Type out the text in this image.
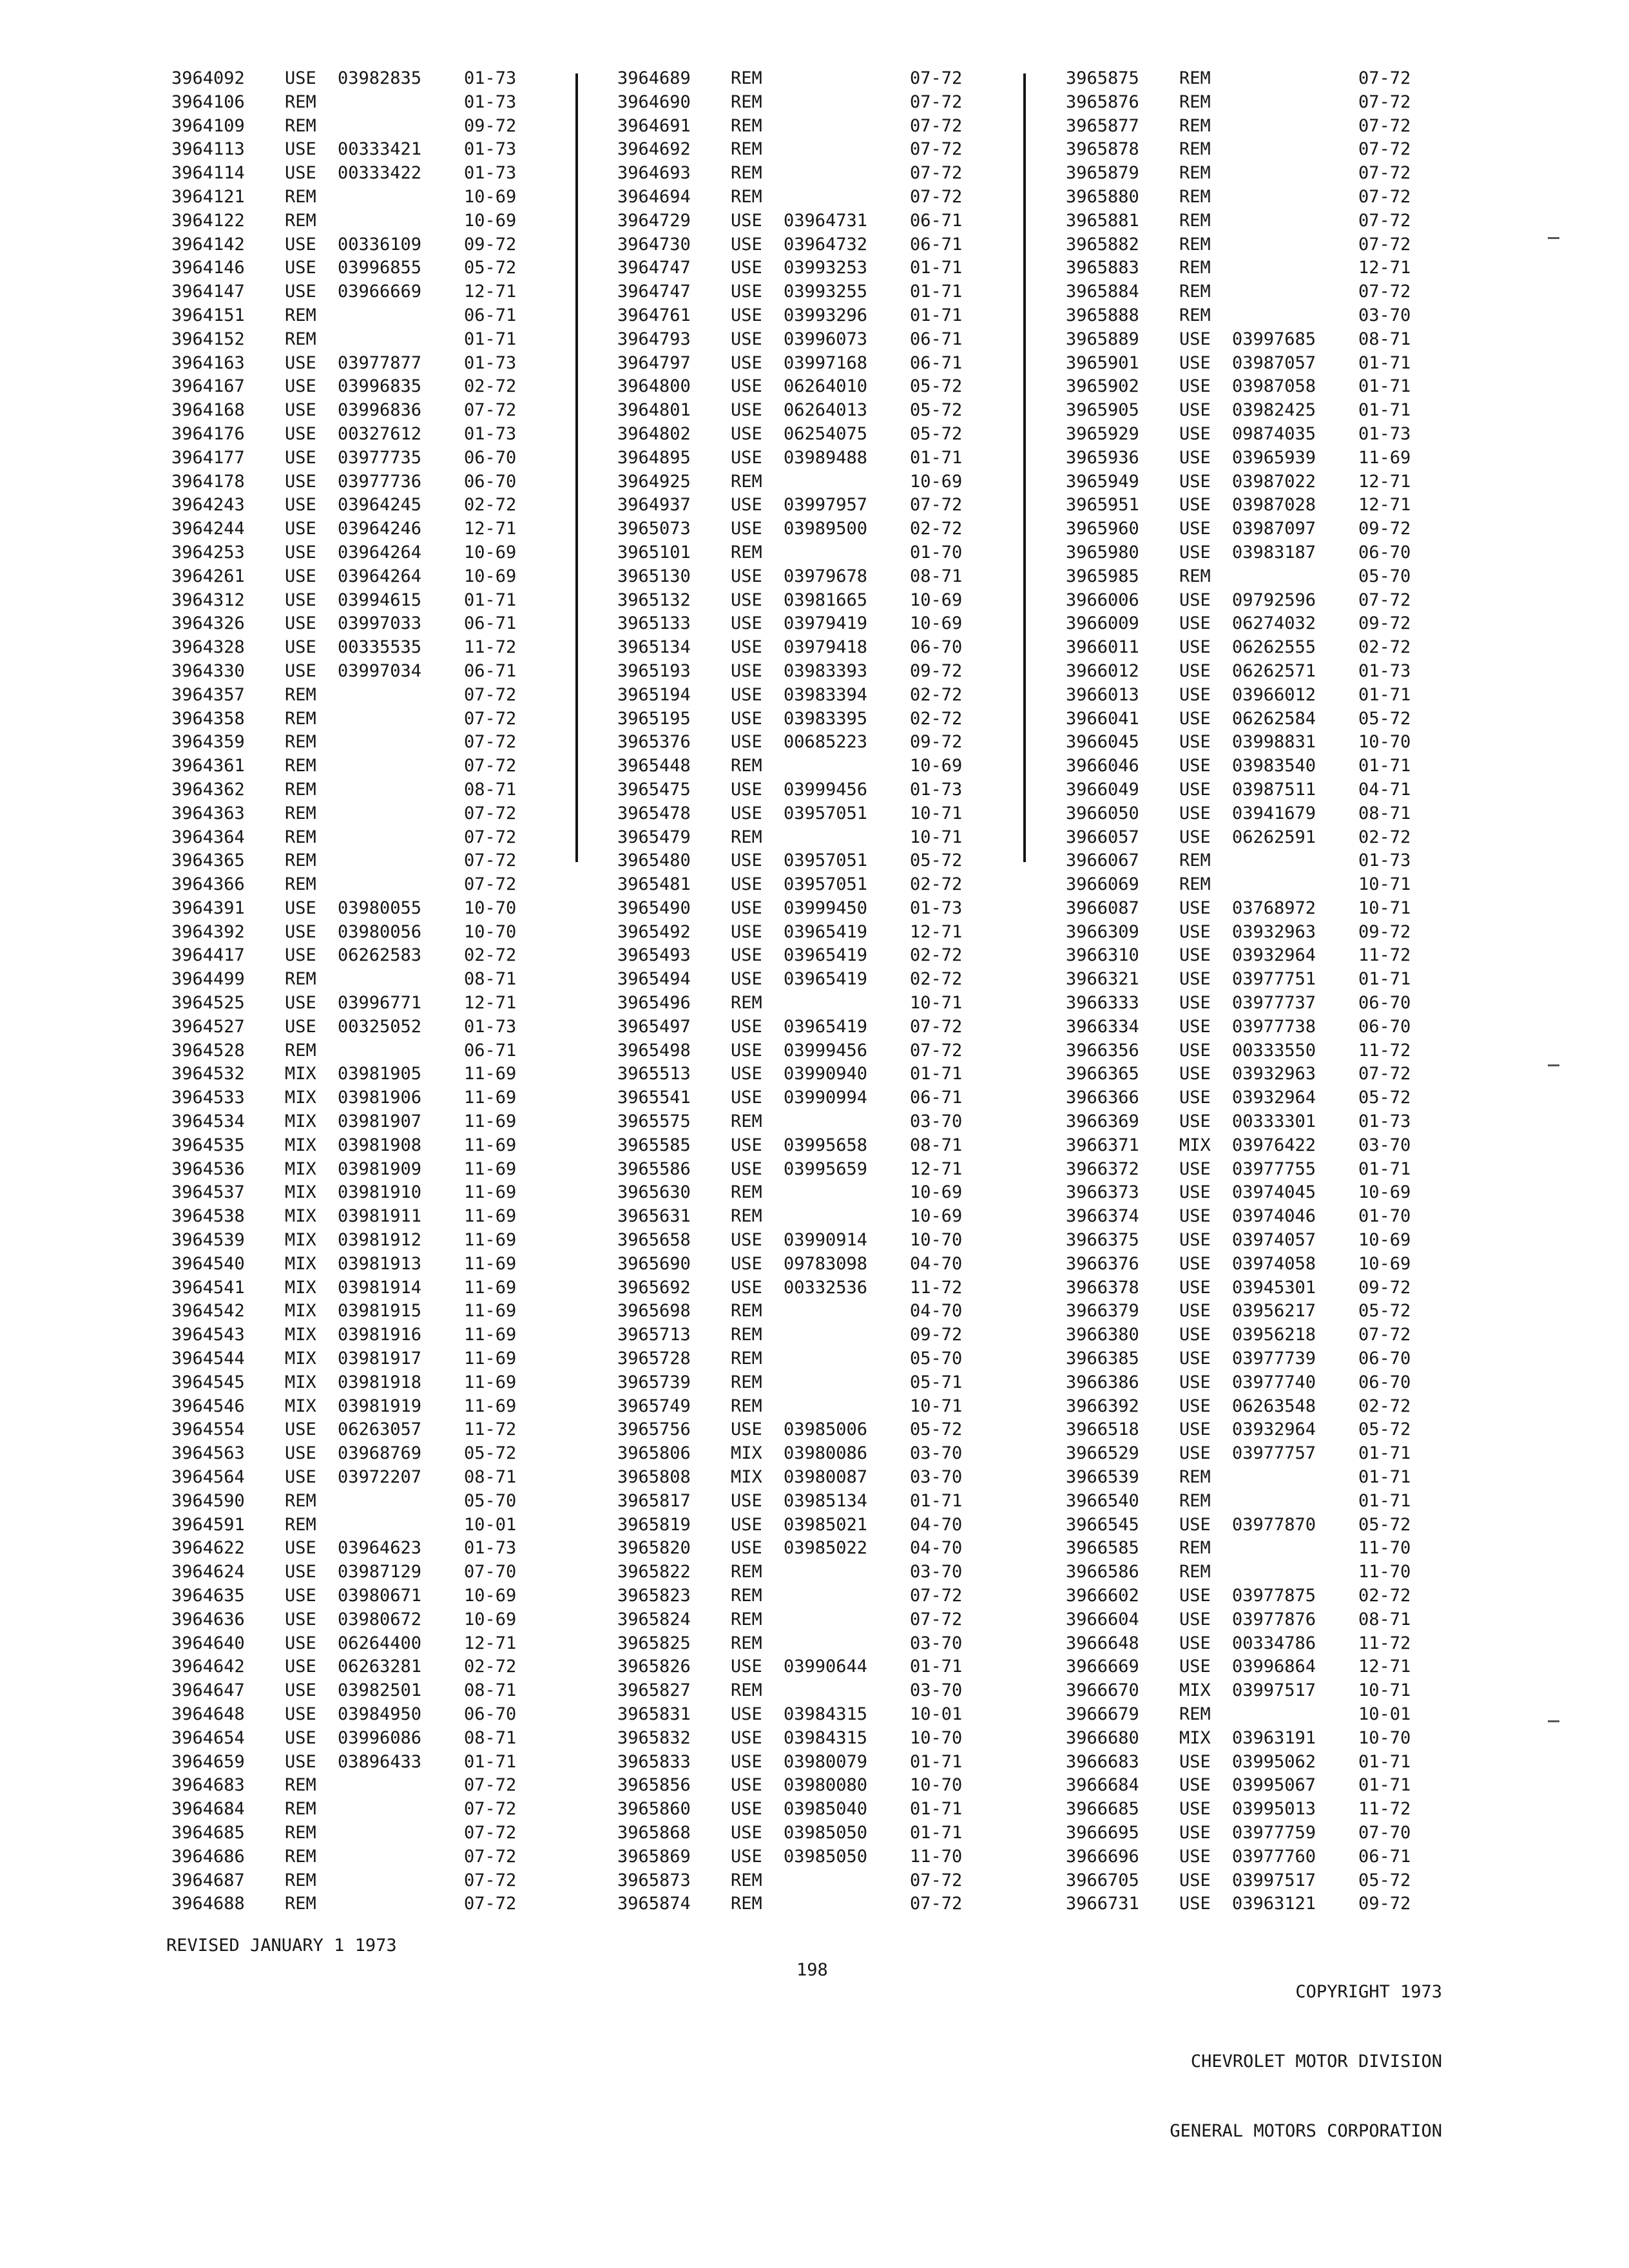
3964092 USE 03982835 01-73
3964106 REM	01-73
3964109 REM	09-72
3964113 USE 00333421 01-73
3964114 USE 00333422 01-73
3964121 REM	10-69
3964122 REM	10-69
3964142 USE 00336109 09-72
3964146 USE 03996855 05-72
3964147 USE 03966669 12-71
3964151 REM	06-71
3964152 REM	01-71
3964163 USE 03977877 01-73
3964167 USE 03996835 02-72
3964168 USE 03996836 07-72
3964176 USE 00327612 01-73
3964177 USE 03977735 06-70
3964178 USE 03977736 06-70
3964243 USE 03964245 02-72
3964244 USE 03964246 12-71
3964253 USE 03964264 10-69
3964261 USE 03964264 10-69
3964312 USE 03994615 01-71
3964326 USE 03997033 06-71
3964328 USE 00335535 11-72
3964330 USE 03997034 06-71
3964357 REM	07-72
3964358 REM	07-72
3964359 REM	07-72
3964361 REM	07-72
3964362 REM	08-71
3964363 REM	07-72
3964364 REM	07-72
3964365 REM	07-72
3964366 REM	07-72
3964391 USE 03980055 10-70
3964392 USE 03980056 10-70
3964417 USE 06262583 02-72
3964499 REM	08-71
3964525 USE 03996771 12-71
3964527 USE 00325052 01-73
3964528 REM	06-71
3964532 MIX 03981905 11-69
3964533 MIX 03981906 11-69
3964534 MIX 03981907 11-69
3964535 MIX 03981908 11-69
3964536 MIX 03981909 11-69
3964537 MIX 03981910 11-69
3964538 MIX 03981911 11-69
3964539 MIX 03981912 11-69
3964540 MIX 03981913 11-69
3964541 MIX 03981914 11-69
3964542 MIX 03981915 11-69
3964543 MIX 03981916 11-69
3964544 MIX 03981917 11-69
3964545 MIX 03981918 11-69
3964546 MIX 03981919 11-69
3964554 USE 06263057 11-72
3964563 USE 03968769 05-72
3964564 USE 03972207 08-71
3964590 REM	05-70
3964591 REM	10-01
3964622 USE 03964623 01-73
3964624 USE 03987129 07-70
3964635 USE 03980671 10-69
3964636 USE 03980672 10-69
3964640 USE 06264400 12-71
3964642 USE 06263281 02-72
3964647 USE 03982501 08-71
3964648 USE 03984950 06-70
3964654 USE 03996086 08-71
3964659 USE 03896433 01-71
3964683 REM	07-72
3964684 REM	07-72
3964685 REM	07-72
3964686 REM	07-72
3964687 REM	07-72
3964688 REM	07-72
3964689 REM	07-72
3964690 REM	07-72
3964691 REM	07-72
3964692 REM	07-72
3964693 REM	07-72
3964694 REM	07-72
3964729 USE 03964731 06-71
3964730 USE 03964732 06-71
3964747 USE 03993253 01-71
3964747 USE 03993255 01-71
3964761 USE 03993296 01-71
3964793 USE 03996073 06-71
3964797 USE 03997168 06-71
3964800 USE 06264010 05-72
3964801 USE 06264013 05-72
3964802 USE 06254075 05-72
3964895 USE 03989488 01-71
3964925 REM	10-69
3964937 USE 03997957 07-72
3965073 USE 03989500 02-72
3965101 REM	01-70
3965130 USE 03979678 08-71
3965132 USE 03981665 10-69
3965133 USE 03979419 10-69
3965134 USE 03979418 06-70
3965193 USE 03983393 09-72
3965194 USE 03983394 02-72
3965195 USE 03983395 02-72
3965376 USE 00685223 09-72
3965448 REM	10-69
3965475 USE 03999456 01-73
3965478 USE 03957051 10-71
3965479 REM	10-71
3965480 USE 03957051 05-72
3965481 USE 03957051 02-72
3965490 USE 03999450 01-73
3965492 USE 03965419 12-71
3965493 USE 03965419 02-72
3965494 USE 03965419 02-72
3965496 REM	10-71
3965497 USE 03965419 07-72
3965498 USE 03999456 07-72
3965513 USE 03990940 01-71
3965541 USE 03990994 06-71
3965575 REM	03-70
3965585 USE 03995658 08-71
3965586 USE 03995659 12-71
3965630 REM	10-69
3965631 REM	10-69
3965658 USE 03990914 10-70
3965690 USE 09783098 04-70
3965692 USE 00332536 11-72
3965698 REM	04-70
3965713 REM	09-72
3965728 REM	05-70
3965739 REM	05-71
3965749 REM	10-71
3965756 USE 03985006 05-72
3965806 MIX 03980086 03-70
3965808 MIX 03980087 03-70
3965817 USE 03985134 01-71
3965819 USE 03985021 04-70
3965820 USE 03985022 04-70
3965822 REM	03-70
3965823 REM	07-72
3965824 REM	07-72
3965825 REM	03-70
3965826 USE 03990644 01-71
3965827 REM	03-70
3965831 USE 03984315 10-01
3965832 USE 03984315 10-70
3965833 USE 03980079 01-71
3965856 USE 03980080 10-70
3965860 USE 03985040 01-71
3965868 USE 03985050 01-71
3965869 USE 03985050 11-70
3965873 REM	07-72
3965874 REM	07-72
3965875 REM	07-72
3965876 REM	07-72
3965877 REM	07-72
3965878 REM	07-72
3965879 REM	07-72
3965880 REM	07-72
3965881 REM	07-72
3965882 REM	07-72
3965883 REM	12-71
3965884 REM	07-72
3965888 REM	03-70
3965889 USE 03997685 08-71
3965901 USE 03987057 01-71
3965902 USE 03987058 01-71
3965905 USE 03982425 01-71
3965929 USE 09874035 01-73
3965936 USE 03965939 11-69
3965949 USE 03987022 12-71
3965951 USE 03987028 12-71
3965960 USE 03987097 09-72
3965980 USE 03983187 06-70
3965985 REM	05-70
3966006 USE 09792596 07-72
3966009 USE 06274032 09-72
3966011 USE 06262555 02-72
3966012 USE 06262571 01-73
3966013 USE 03966012 01-71
3966041 USE 06262584 05-72
3966045 USE 03998831 10-70
3966046 USE 03983540 01-71
3966049 USE 03987511 04-71
3966050 USE 03941679 08-71
3966057 USE 06262591 02-72
3966067 REM	01-73
3966069 REM	10-71
3966087 USE 03768972 10-71
3966309 USE 03932963 09-72
3966310 USE 03932964 11-72
3966321 USE 03977751 01-71
3966333 USE 03977737 06-70
3966334 USE 03977738 06-70
3966356 USE 00333550 11-72
3966365 USE 03932963 07-72
3966366 USE 03932964 05-72
3966369 USE 00333301 01-73
3966371 MIX 03976422 03-70
3966372 USE 03977755 01-71
3966373 USE 03974045 10-69
3966374 USE 03974046 01-70
3966375 USE 03974057 10-69
3966376 USE 03974058 10-69
3966378 USE 03945301 09-72
3966379 USE 03956217 05-72
3966380 USE 03956218 07-72
3966385 USE 03977739 06-70
3966386 USE 03977740 06-70
3966392 USE 06263548 02-72
3966518 USE 03932964 05-72
3966529 USE 03977757 01-71
3966539 REM	01-71
3966540 REM	01-71
3966545 USE 03977870 05-72
3966585 REM	11-70
3966586 REM	11-70
3966602 USE 03977875 02-72
3966604 USE 03977876 08-71
3966648 USE 00334786 11-72
3966669 USE 03996864 12-71
3966670 MIX 03997517 10-71
3966679 REM	10-01
3966680 MIX 03963191 10-70
3966683 USE 03995062 01-71
3966684 USE 03995067 01-71
3966685 USE 03995013 11-72
3966695 USE 03977759 07-70
3966696 USE 03977760 06-71
3966705 USE 03997517 05-72
3966731 USE 03963121 09-72
REVISED JANUARY 1 1973
198

COPYRIGHT 1973

CHEVROLET MOTOR DIVISION

GENERAL MOTORS CORPORATION
